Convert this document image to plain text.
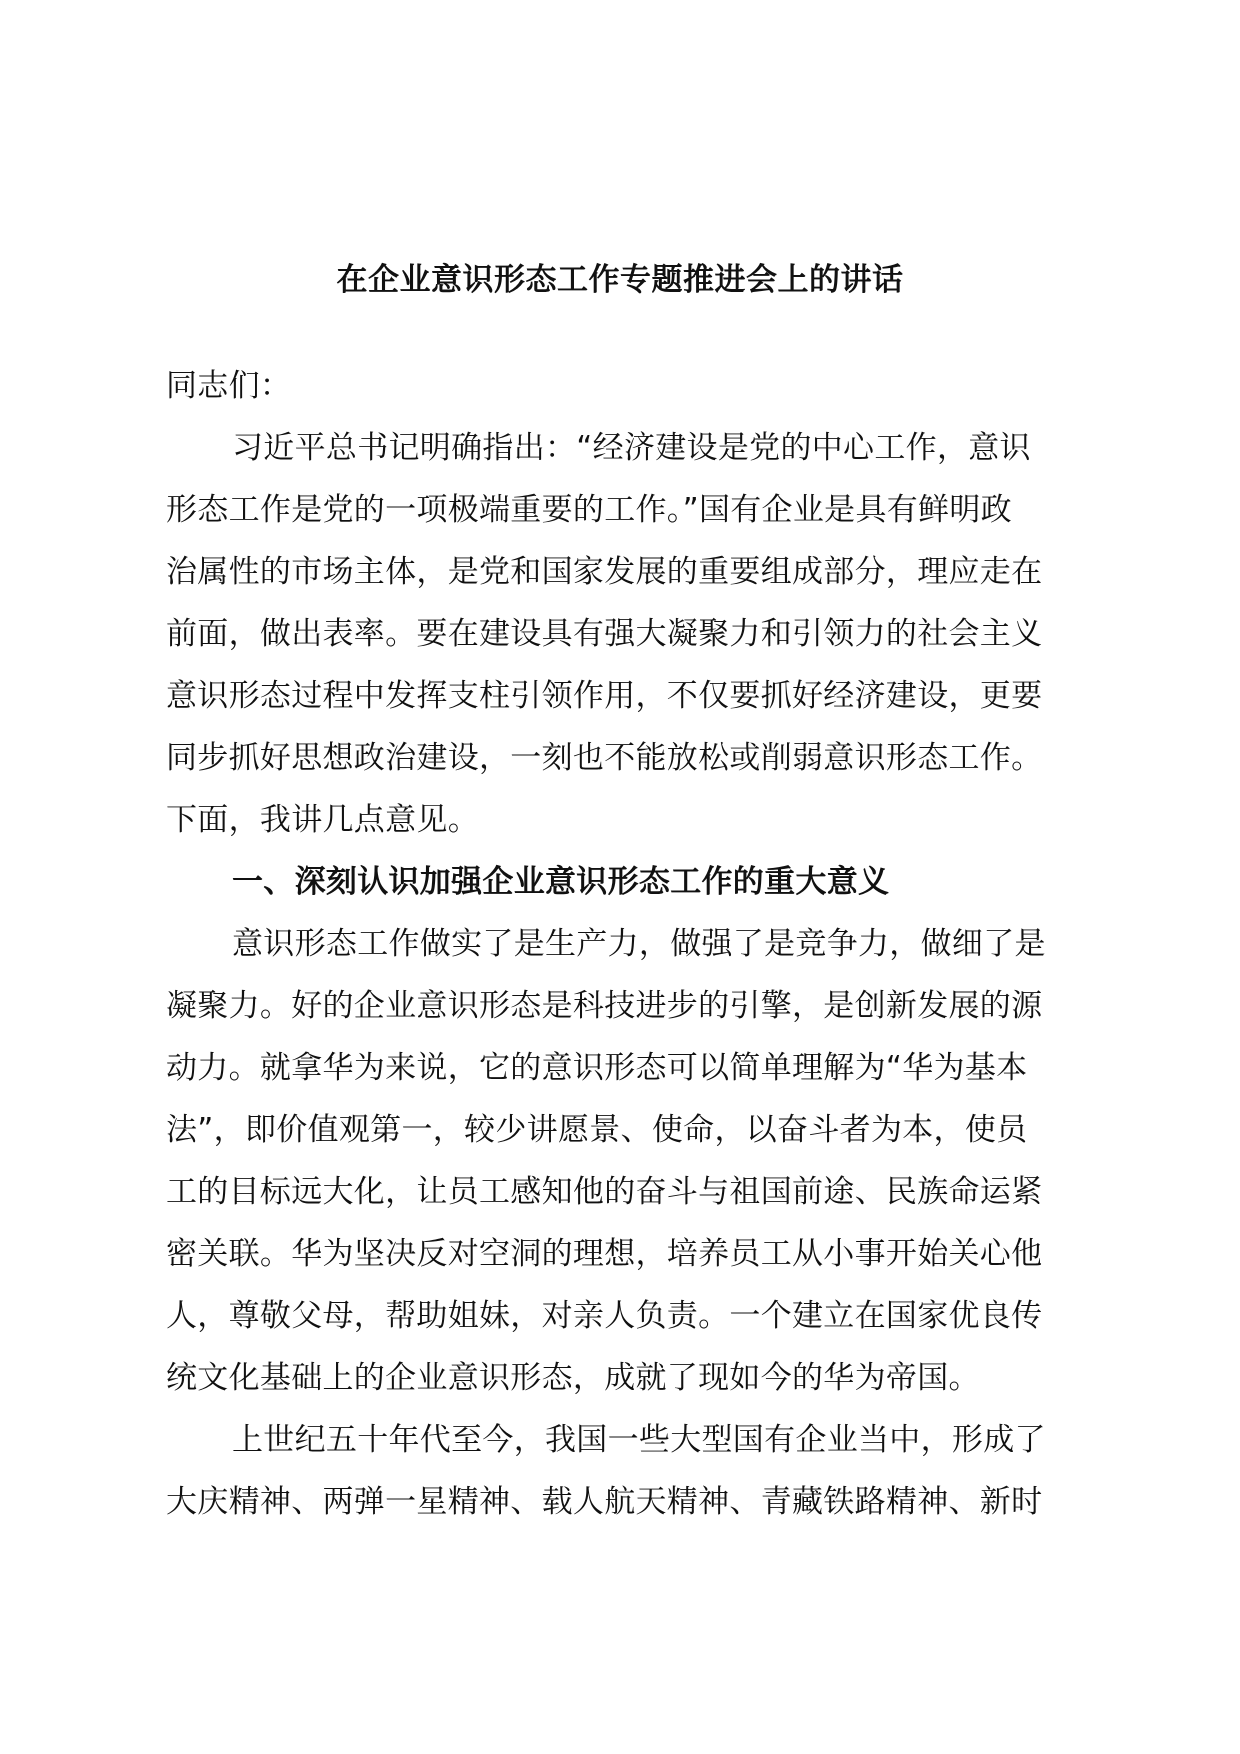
在企业意识形态工作专题推进会上的讲话
同志们：
习近平总书记明确指出：“经济建设是党的中心工作，意识
形态工作是党的一项极端重要的工作。”国有企业是具有鲜明政
治属性的市场主体，是党和国家发展的重要组成部分，理应走在
前面，做出表率。要在建设具有强大凝聚力和引领力的社会主义
意识形态过程中发挥支柱引领作用，不仅要抓好经济建设，更要
同步抓好思想政治建设，一刻也不能放松或削弱意识形态工作。
下面，我讲几点意见。
一、深刻认识加强企业意识形态工作的重大意义
意识形态工作做实了是生产力，做强了是竞争力，做细了是
凝聚力。好的企业意识形态是科技进步的引擎，是创新发展的源
动力。就拿华为来说，它的意识形态可以简单理解为“华为基本
法”，即价值观第一，较少讲愿景、使命，以奋斗者为本，使员
工的目标远大化，让员工感知他的奋斗与祖国前途、民族命运紧
密关联。华为坚决反对空洞的理想，培养员工从小事开始关心他
人，尊敬父母，帮助姐妹，对亲人负责。一个建立在国家优良传
统文化基础上的企业意识形态，成就了现如今的华为帝国。
上世纪五十年代至今，我国一些大型国有企业当中，形成了
大庆精神、两弹一星精神、载人航天精神、青藏铁路精神、新时
